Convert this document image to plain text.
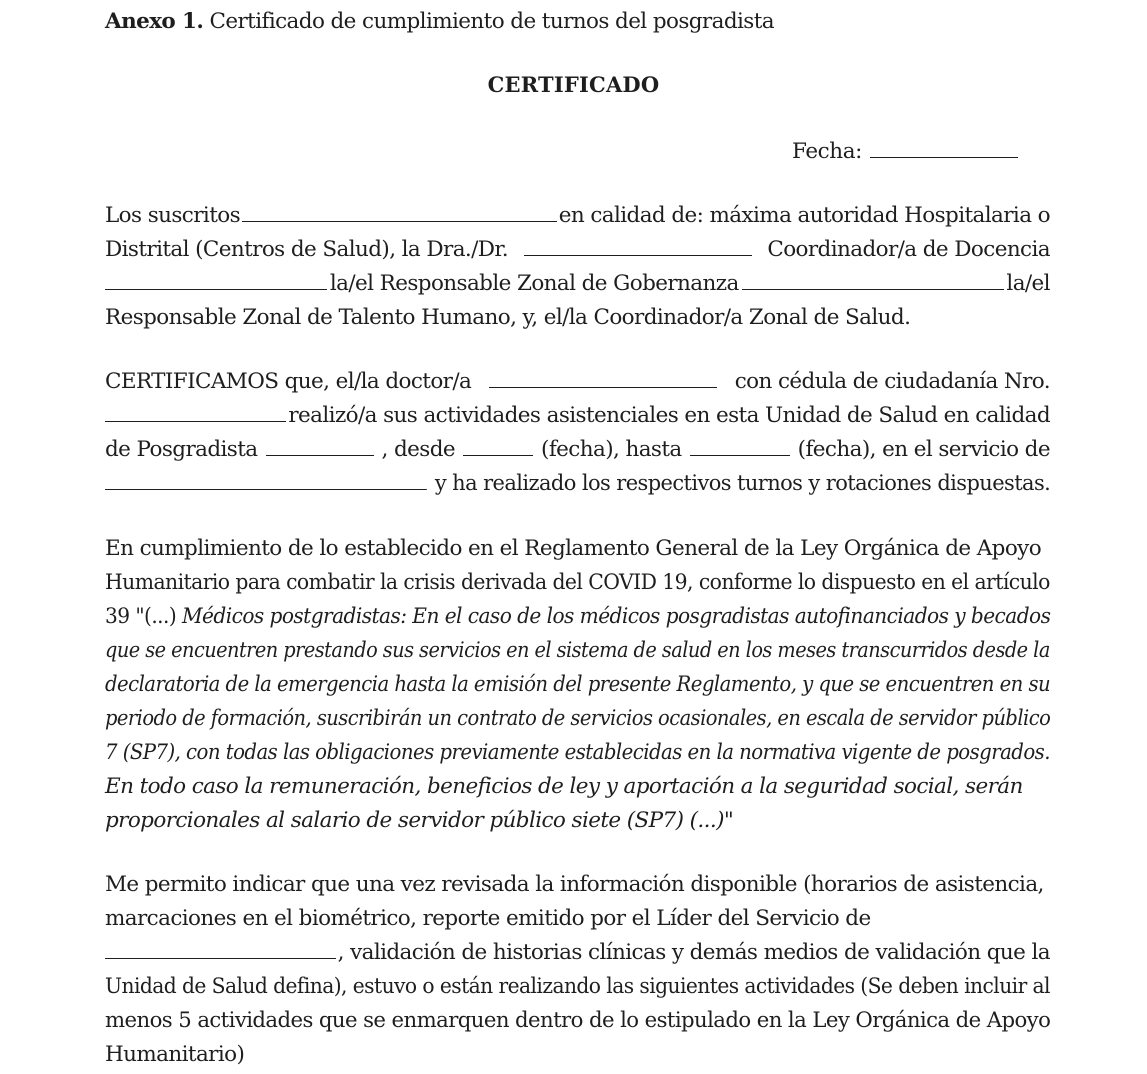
Anexo 1. Certificado de cumplimiento de turnos del posgradista
CERTIFICADO
Fecha:
Los suscritos	en calidad de: máxima autoridad Hospitalaria o
Distrital (Centros de Salud), la Dra./Dr.	Coordinador/a de Docencia
la/el Responsable Zonal de Gobernanza	la/el
Responsable Zonal de Talento Humano, y, el/la Coordinador/a Zonal de Salud.
CERTIFICAMOS que, el/la doctor/a	con cédula de ciudadanía Nro.
realizó/a sus actividades asistenciales en esta Unidad de Salud en calidad
de Posgradista	, desde	(fecha), hasta	(fecha), en el servicio de
y ha realizado los respectivos turnos y rotaciones dispuestas.
En cumplimiento de lo establecido en el Reglamento General de la Ley Orgánica de Apoyo
Humanitario para combatir la crisis derivada del COVID 19, conforme lo dispuesto en el artículo
39 "(...) Médicos postgradistas: En el caso de los médicos posgradistas autofinanciados y becados
que se encuentren prestando sus servicios en el sistema de salud en los meses transcurridos desde la
declaratoria de la emergencia hasta la emisión del presente Reglamento, y que se encuentren en su
periodo de formación, suscribirán un contrato de servicios ocasionales, en escala de servidor público
7 (SP7), con todas las obligaciones previamente establecidas en la normativa vigente de posgrados.
En todo caso la remuneración, beneficios de ley y aportación a la seguridad social, serán
proporcionales al salario de servidor público siete (SP7) (...)"
Me permito indicar que una vez revisada la información disponible (horarios de asistencia,
marcaciones en el biométrico, reporte emitido por el Líder del Servicio de
, validación de historias clínicas y demás medios de validación que la
Unidad de Salud defina), estuvo o están realizando las siguientes actividades (Se deben incluir al
menos 5 actividades que se enmarquen dentro de lo estipulado en la Ley Orgánica de Apoyo
Humanitario)
